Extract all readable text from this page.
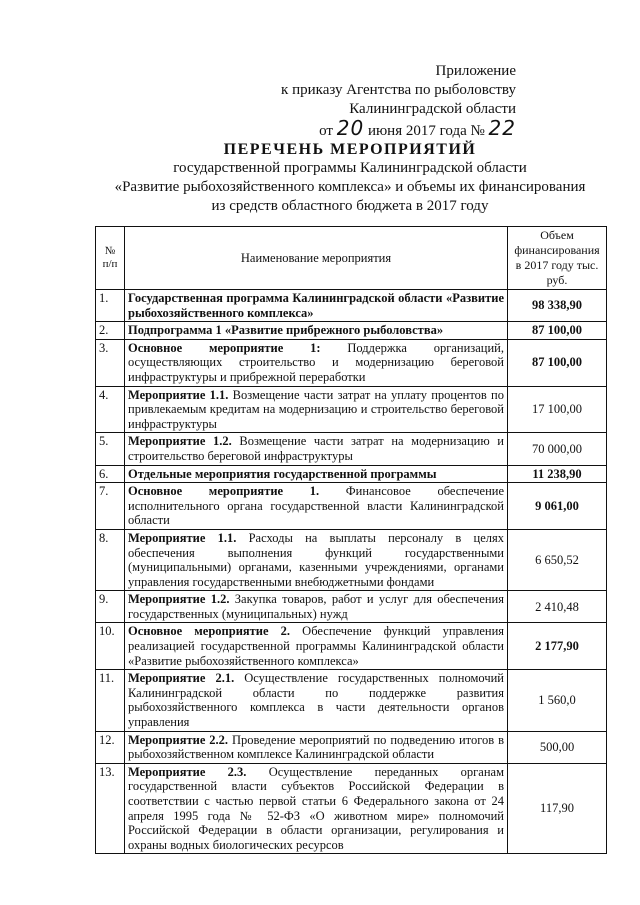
Приложение
к приказу Агентства по рыболовству
Калининградской области
от 20 июня 2017 года № 22
ПЕРЕЧЕНЬ МЕРОПРИЯТИЙ
государственной программы Калининградской области
«Развитие рыбохозяйственного комплекса» и объемы их финансирования
из средств областного бюджета в 2017 году
№ п/п	Наименование мероприятия	Объем финансирования в 2017 году тыс. руб.
1.	Государственная программа Калининградской области «Развитие рыбохозяйственного комплекса»	98 338,90
2.	Подпрограмма 1 «Развитие прибрежного рыболовства»	87 100,00
3.	Основное мероприятие 1: Поддержка организаций, осуществляющих строительство и модернизацию береговой инфраструктуры и прибрежной переработки	87 100,00
4.	Мероприятие 1.1. Возмещение части затрат на уплату процентов по привлекаемым кредитам на модернизацию и строительство береговой инфраструктуры	17 100,00
5.	Мероприятие 1.2. Возмещение части затрат на модернизацию и строительство береговой инфраструктуры	70 000,00
6.	Отдельные мероприятия государственной программы	11 238,90
7.	Основное мероприятие 1. Финансовое обеспечение исполнительного органа государственной власти Калининградской области	9 061,00
8.	Мероприятие 1.1. Расходы на выплаты персоналу в целях обеспечения выполнения функций государственными (муниципальными) органами, казенными учреждениями, органами управления государственными внебюджетными фондами	6 650,52
9.	Мероприятие 1.2. Закупка товаров, работ и услуг для обеспечения государственных (муниципальных) нужд	2 410,48
10.	Основное мероприятие 2. Обеспечение функций управления реализацией государственной программы Калининградской области «Развитие рыбохозяйственного комплекса»	2 177,90
11.	Мероприятие 2.1. Осуществление государственных полномочий Калининградской области по поддержке развития рыбохозяйственного комплекса в части деятельности органов управления	1 560,0
12.	Мероприятие 2.2. Проведение мероприятий по подведению итогов в рыбохозяйственном комплексе Калининградской области	500,00
13.	Мероприятие 2.3. Осуществление переданных органам государственной власти субъектов Российской Федерации в соответствии с частью первой статьи 6 Федерального закона от 24 апреля 1995 года № 52-ФЗ «О животном мире» полномочий Российской Федерации в области организации, регулирования и охраны водных биологических ресурсов	117,90
